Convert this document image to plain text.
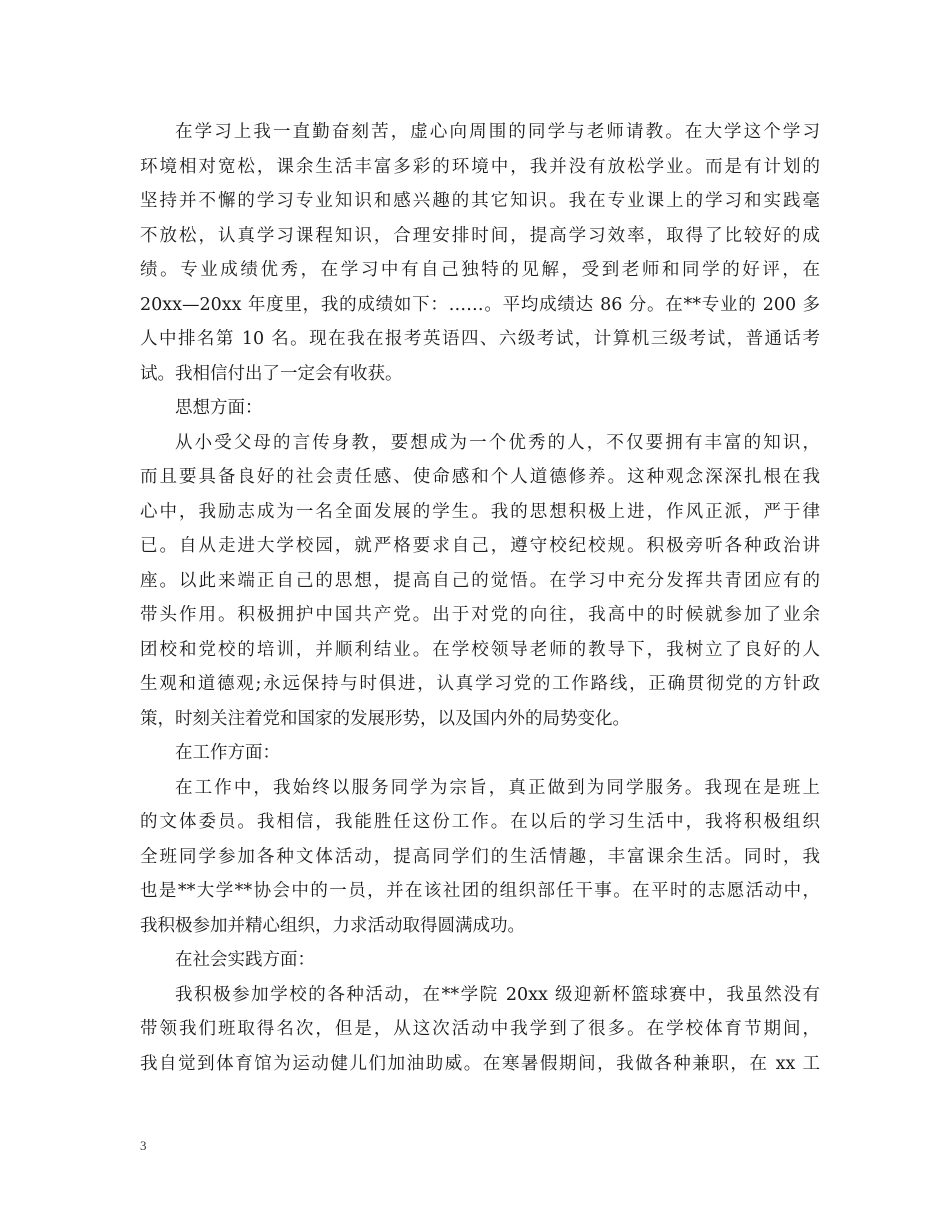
在学习上我一直勤奋刻苦，虚心向周围的同学与老师请教。在大学这个学习
环境相对宽松，课余生活丰富多彩的环境中，我并没有放松学业。而是有计划的
坚持并不懈的学习专业知识和感兴趣的其它知识。我在专业课上的学习和实践毫
不放松，认真学习课程知识，合理安排时间，提高学习效率，取得了比较好的成
绩。专业成绩优秀，在学习中有自己独特的见解，受到老师和同学的好评，在
20xx—20xx 年度里，我的成绩如下：……。平均成绩达 86 分。在**专业的 200 多
人中排名第 10 名。现在我在报考英语四、六级考试，计算机三级考试，普通话考
试。我相信付出了一定会有收获。
思想方面：
从小受父母的言传身教，要想成为一个优秀的人，不仅要拥有丰富的知识，
而且要具备良好的社会责任感、使命感和个人道德修养。这种观念深深扎根在我
心中，我励志成为一名全面发展的学生。我的思想积极上进，作风正派，严于律
已。自从走进大学校园，就严格要求自己，遵守校纪校规。积极旁听各种政治讲
座。以此来端正自己的思想，提高自己的觉悟。在学习中充分发挥共青团应有的
带头作用。积极拥护中国共产党。出于对党的向往，我高中的时候就参加了业余
团校和党校的培训，并顺利结业。在学校领导老师的教导下，我树立了良好的人
生观和道德观;永远保持与时俱进，认真学习党的工作路线，正确贯彻党的方针政
策，时刻关注着党和国家的发展形势，以及国内外的局势变化。
在工作方面：
在工作中，我始终以服务同学为宗旨，真正做到为同学服务。我现在是班上
的文体委员。我相信，我能胜任这份工作。在以后的学习生活中，我将积极组织
全班同学参加各种文体活动，提高同学们的生活情趣，丰富课余生活。同时，我
也是**大学**协会中的一员，并在该社团的组织部任干事。在平时的志愿活动中，
我积极参加并精心组织，力求活动取得圆满成功。
在社会实践方面：
我积极参加学校的各种活动，在**学院 20xx 级迎新杯篮球赛中，我虽然没有
带领我们班取得名次，但是，从这次活动中我学到了很多。在学校体育节期间，
我自觉到体育馆为运动健儿们加油助威。在寒暑假期间，我做各种兼职，在 xx 工
3
